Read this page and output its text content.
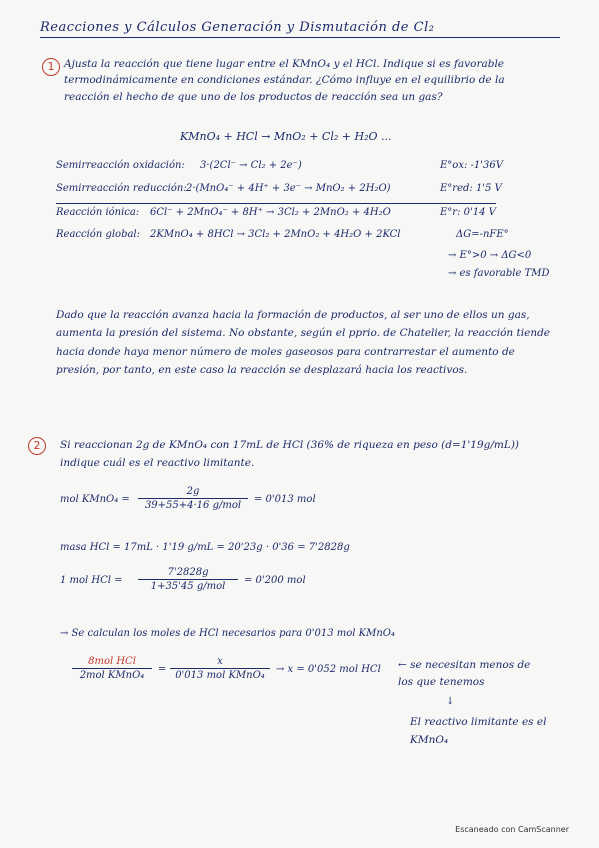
Reacciones y Cálculos Generación y Dismutación de Cl₂
1 Ajusta la reacción que tiene lugar entre el KMnO₄ y el HCl. Indique si es favorable termodinámicamente en condiciones estándar. ¿Cómo influye en el equilibrio de la reacción el hecho de que uno de los productos de reacción sea un gas?
KMnO₄ + HCl → MnO₂ + Cl₂ + H₂O ...
Semirreacción oxidación: 3·(2Cl⁻ → Cl₂ + 2e⁻)	E°ox: -1'36V
Semirreacción reducción: 2·(MnO₄⁻ + 4H⁺ + 3e⁻ → MnO₂ + 2H₂O)	E°red: 1'5 V
Reacción iónica: 6Cl⁻ + 2MnO₄⁻ + 8H⁺ → 3Cl₂ + 2MnO₂ + 4H₂O	E°r: 0'14 V
Reacción global: 2KMnO₄ + 8HCl → 3Cl₂ + 2MnO₂ + 4H₂O + 2KCl	ΔG=-nFE°
→ E°>0 → ΔG<0
→ es favorable TMD
Dado que la reacción avanza hacia la formación de productos, al ser uno de ellos un gas, aumenta la presión del sistema. No obstante, según el pprio. de Chatelier, la reacción tiende hacia donde haya menor número de moles gaseosos para contrarrestar el aumento de presión, por tanto, en este caso la reacción se desplazará hacia los reactivos.
2	Si reaccionan 2g de KMnO₄ con 17mL de HCl (36% de riqueza en peso (d=1'19g/mL)) indique cuál es el reactivo limitante.
mol KMnO₄ =
2g
39+55+4·16 g/mol
= 0'013 mol
masa HCl = 17mL · 1'19 g/mL = 20'23g · 0'36 = 7'2828g
1 mol HCl =
7'2828g
1+35'45 g/mol
= 0'200 mol
→ Se calculan los moles de HCl necesarios para 0'013 mol KMnO₄
8mol HCl
2mol KMnO₄
=
x
0'013 mol KMnO₄
→ x = 0'052 mol HCl ← se necesitan menos de los que tenemos
↓
El reactivo limitante es el KMnO₄
Escaneado con CamScanner
